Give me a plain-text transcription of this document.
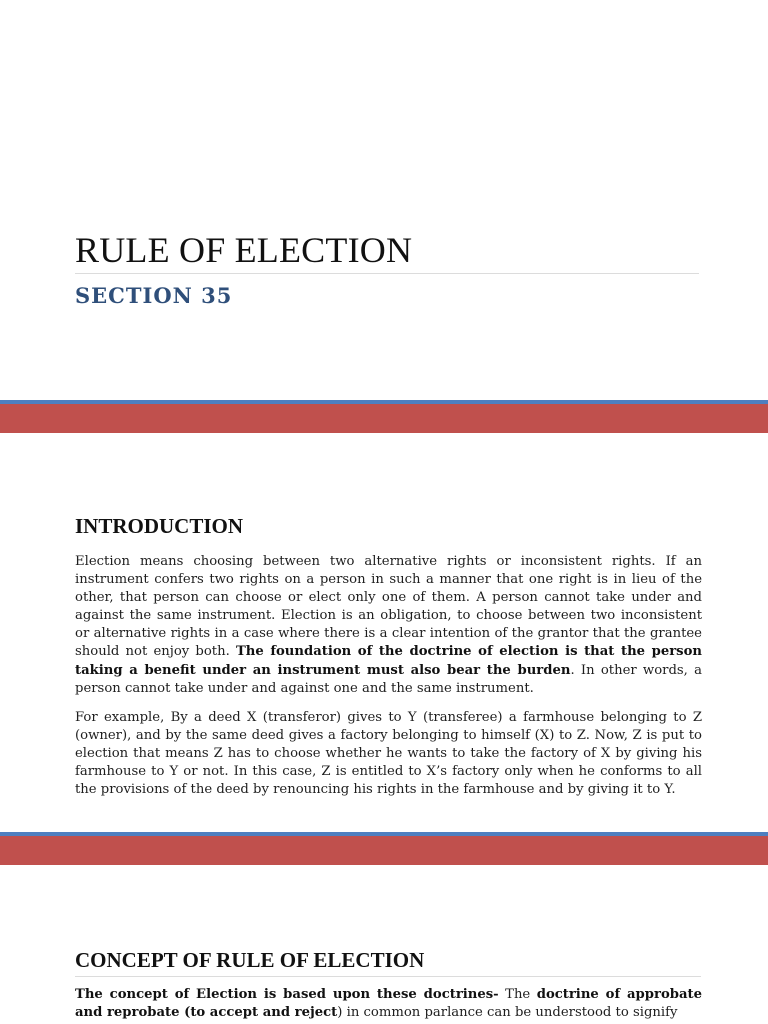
RULE OF ELECTION
SECTION 35
INTRODUCTION

Election means choosing between two alternative rights or inconsistent rights. If an instrument confers two rights on a person in such a manner that one right is in lieu of the other, that person can choose or elect only one of them. A person cannot take under and against the same instrument. Election is an obligation, to choose between two inconsistent or alternative rights in a case where there is a clear intention of the grantor that the grantee should not enjoy both. The foundation of the doctrine of election is that the person taking a benefit under an instrument must also bear the burden. In other words, a person cannot take under and against one and the same instrument.

For example, By a deed X (transferor) gives to Y (transferee) a farmhouse belonging to Z (owner), and by the same deed gives a factory belonging to himself (X) to Z. Now, Z is put to election that means Z has to choose whether he wants to take the factory of X by giving his farmhouse to Y or not. In this case, Z is entitled to X’s factory only when he conforms to all the provisions of the deed by renouncing his rights in the farmhouse and by giving it to Y.

CONCEPT OF RULE OF ELECTION

The concept of Election is based upon these doctrines- The doctrine of approbate and reprobate (to accept and reject) in common parlance can be understood to signify
